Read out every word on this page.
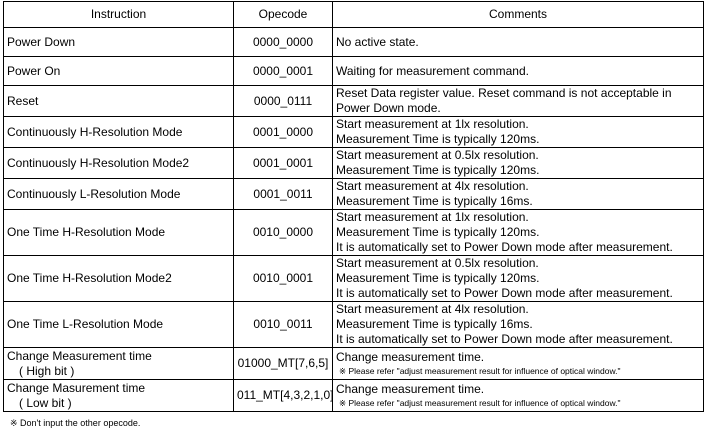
Instruction	Opecode	Comments

Power Down	0000_0000	No active state.

Power On	0000_0001	Waiting for measurement command.

Reset	0000_0111	Reset Data register value. Reset command is not acceptable in
Power Down mode.

Continuously H-Resolution Mode	0001_0000	Start measurement at 1lx resolution.
Measurement Time is typically 120ms.

Continuously H-Resolution Mode2	0001_0001	Start measurement at 0.5lx resolution.
Measurement Time is typically 120ms.

Continuously L-Resolution Mode	0001_0011	Start measurement at 4lx resolution.
Measurement Time is typically 16ms.

One Time H-Resolution Mode	0010_0000	Start measurement at 1lx resolution.
Measurement Time is typically 120ms.
It is automatically set to Power Down mode after measurement.

One Time H-Resolution Mode2	0010_0001	Start measurement at 0.5lx resolution.
Measurement Time is typically 120ms.
It is automatically set to Power Down mode after measurement.

One Time L-Resolution Mode	0010_0011	Start measurement at 4lx resolution.
Measurement Time is typically 16ms.
It is automatically set to Power Down mode after measurement.

Change Measurement time
　( High bit )	01000_MT[7,6,5]	Change measurement time.
※ Please refer "adjust measurement result for influence of optical window."

Change Masurement time
　( Low bit )	011_MT[4,3,2,1,0]	Change measurement time.
※ Please refer "adjust measurement result for influence of optical window."
※ Don't input the other opecode.
